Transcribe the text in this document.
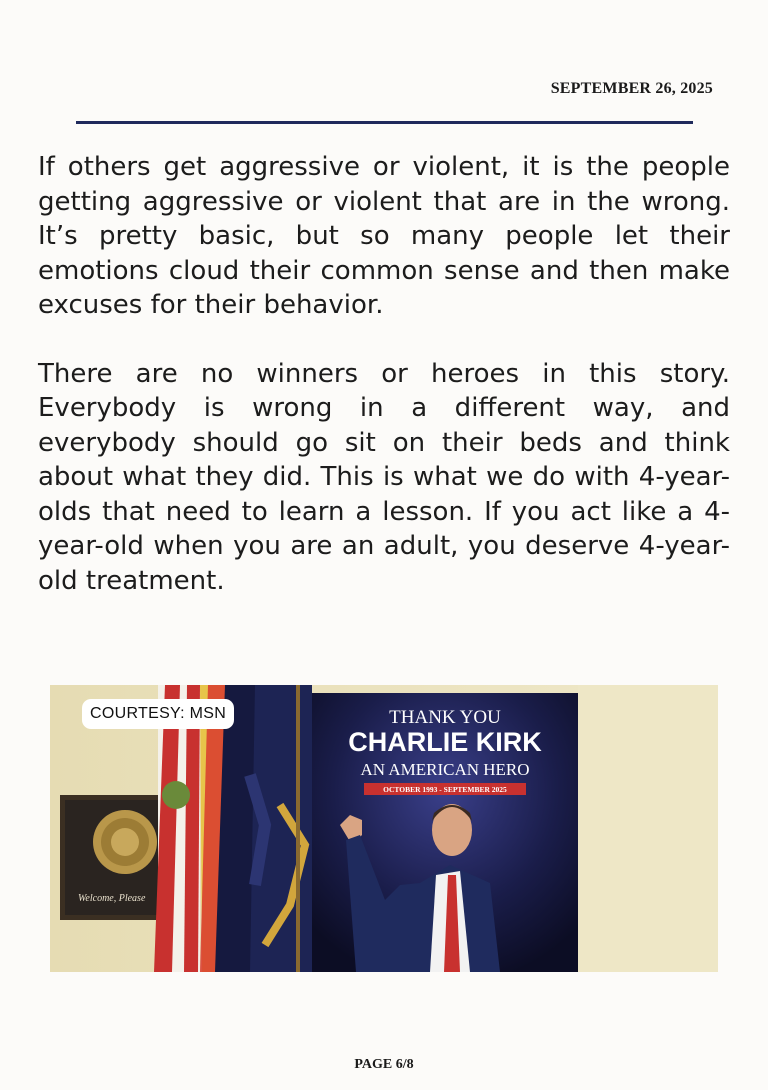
SEPTEMBER 26, 2025

If others get aggressive or violent, it is the people getting aggressive or violent that are in the wrong. It’s pretty basic, but so many people let their emotions cloud their common sense and then make excuses for their behavior.

There are no winners or heroes in this story. Everybody is wrong in a different way, and everybody should go sit on their beds and think about what they did. This is what we do with 4-year-olds that need to learn a lesson. If you act like a 4-year-old when you are an adult, you deserve 4-year-old treatment.

Welcome, Please
THANK YOU
CHARLIE KIRK
AN AMERICAN HERO
OCTOBER 1993 - SEPTEMBER 2025
COURTESY: MSN
PAGE 6/8
